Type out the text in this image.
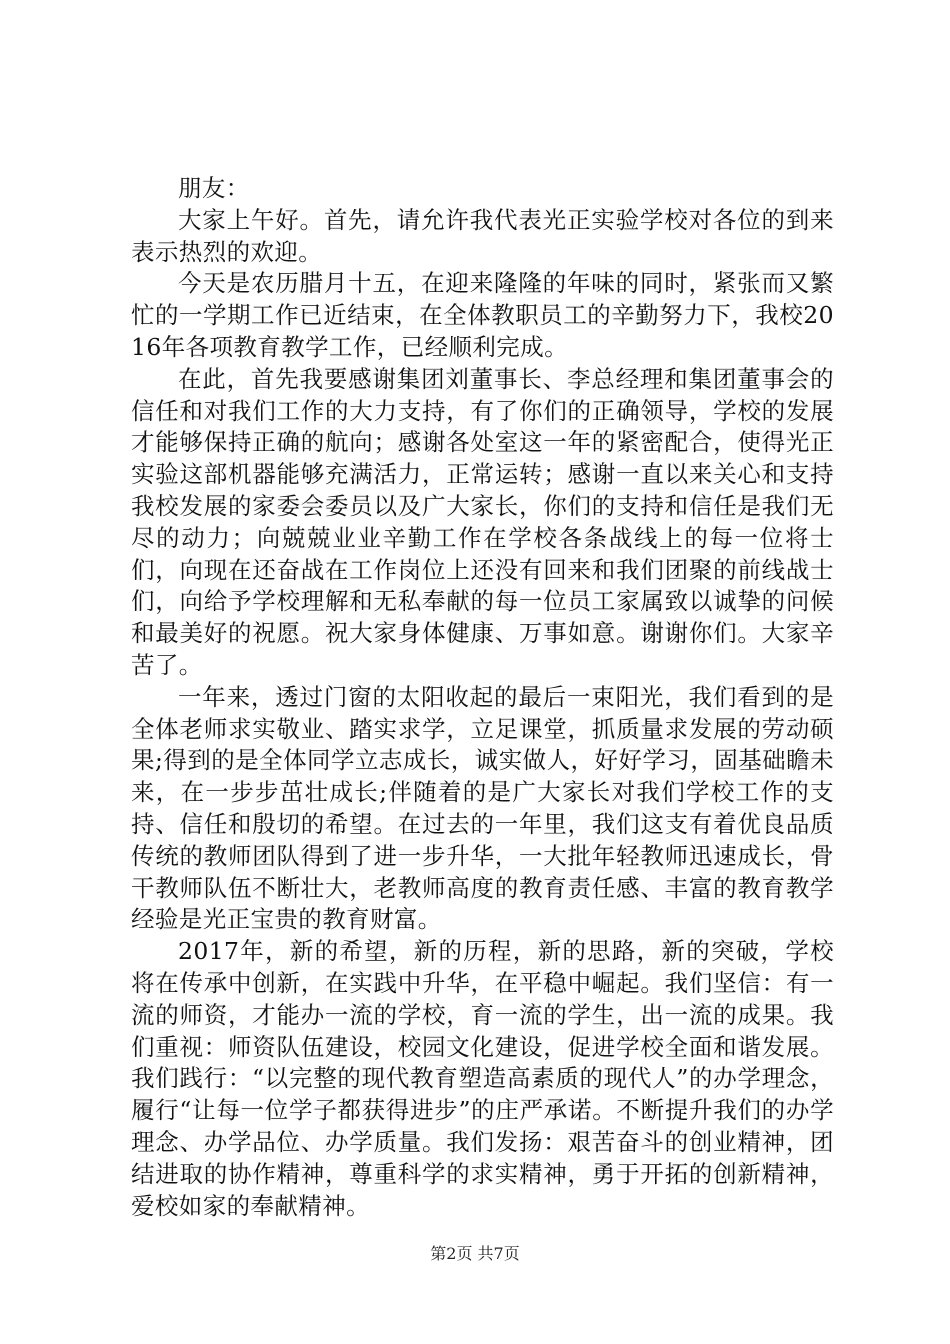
朋友：

大家上午好。首先，请允许我代表光正实验学校对各位的到来表示热烈的欢迎。

今天是农历腊月十五，在迎来隆隆的年味的同时，紧张而又繁忙的一学期工作已近结束，在全体教职员工的辛勤努力下，我校2016年各项教育教学工作，已经顺利完成。

在此，首先我要感谢集团刘董事长、李总经理和集团董事会的信任和对我们工作的大力支持，有了你们的正确领导，学校的发展才能够保持正确的航向；感谢各处室这一年的紧密配合，使得光正实验这部机器能够充满活力，正常运转；感谢一直以来关心和支持我校发展的家委会委员以及广大家长，你们的支持和信任是我们无尽的动力；向兢兢业业辛勤工作在学校各条战线上的每一位将士们，向现在还奋战在工作岗位上还没有回来和我们团聚的前线战士们，向给予学校理解和无私奉献的每一位员工家属致以诚挚的问候和最美好的祝愿。祝大家身体健康、万事如意。谢谢你们。大家辛苦了。

一年来，透过门窗的太阳收起的最后一束阳光，我们看到的是全体老师求实敬业、踏实求学，立足课堂，抓质量求发展的劳动硕果;得到的是全体同学立志成长，诚实做人，好好学习，固基础瞻未来，在一步步茁壮成长;伴随着的是广大家长对我们学校工作的支持、信任和殷切的希望。在过去的一年里，我们这支有着优良品质传统的教师团队得到了进一步升华，一大批年轻教师迅速成长，骨干教师队伍不断壮大，老教师高度的教育责任感、丰富的教育教学经验是光正宝贵的教育财富。

2017年，新的希望，新的历程，新的思路，新的突破，学校将在传承中创新，在实践中升华，在平稳中崛起。我们坚信：有一流的师资，才能办一流的学校，育一流的学生，出一流的成果。我们重视：师资队伍建设，校园文化建设，促进学校全面和谐发展。我们践行：“以完整的现代教育塑造高素质的现代人”的办学理念，履行“让每一位学子都获得进步”的庄严承诺。不断提升我们的办学理念、办学品位、办学质量。我们发扬：艰苦奋斗的创业精神，团结进取的协作精神，尊重科学的求实精神，勇于开拓的创新精神，爱校如家的奉献精神。

第2页 共7页
